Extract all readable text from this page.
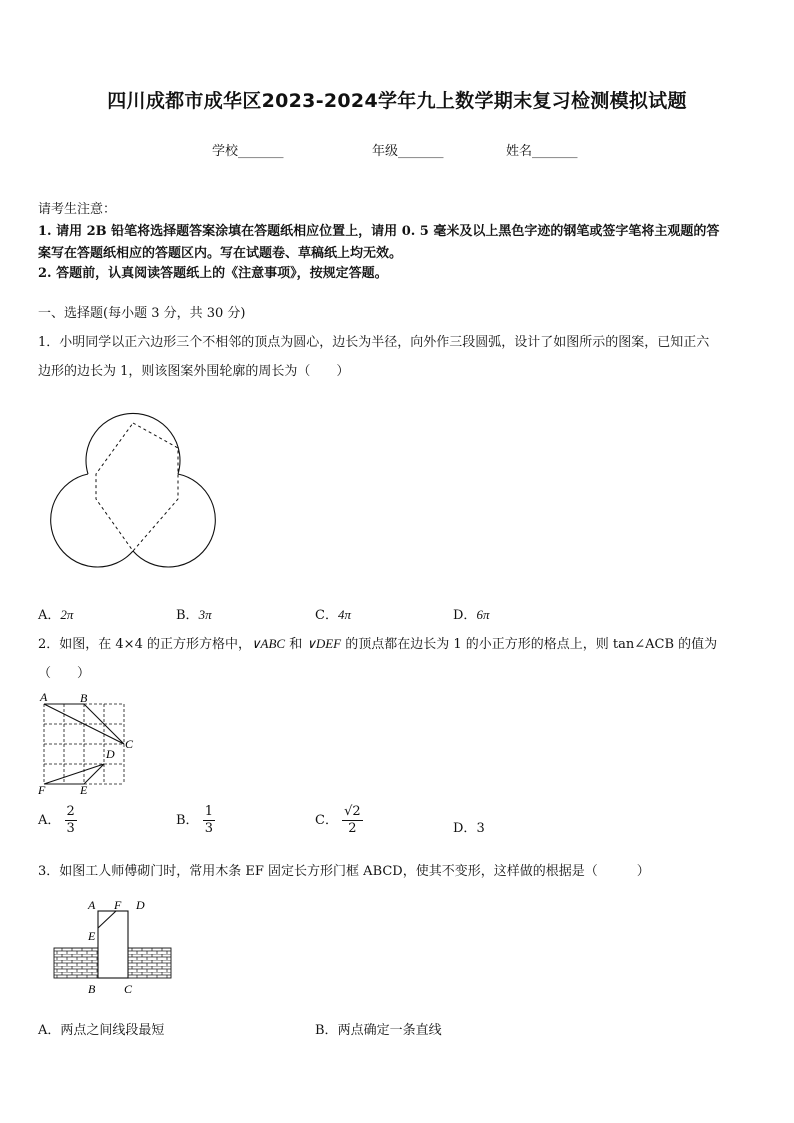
四川成都市成华区2023-2024学年九上数学期末复习检测模拟试题
学校_______	年级_______	姓名_______
请考生注意：
1. 请用 2B 铅笔将选择题答案涂填在答题纸相应位置上，请用 0. 5 毫米及以上黑色字迹的钢笔或签字笔将主观题的答
案写在答题纸相应的答题区内。写在试题卷、草稿纸上均无效。
2. 答题前，认真阅读答题纸上的《注意事项》，按规定答题。
一、选择题(每小题 3 分，共 30 分)
1．小明同学以正六边形三个不相邻的顶点为圆心，边长为半径，向外作三段圆弧，设计了如图所示的图案，已知正六
边形的边长为 1，则该图案外围轮廓的周长为（　　）
A．2π	B．3π	C．4π	D．6π
2．如图，在 4×4 的正方形方格中，∨ABC 和 ∨DEF 的顶点都在边长为 1 的小正方形的格点上，则 tan∠ACB 的值为
（　　）
A	B
C
D
E
F
A． $\frac{2}{3}$	B． $\frac{1}{3}$	C． $\frac{√2}{2}$	D．3
3．如图工人师傅砌门时，常用木条 EF 固定长方形门框 ABCD，使其不变形，这样做的根据是（　　　）
A F D
E
B C
A．两点之间线段最短	B．两点确定一条直线
